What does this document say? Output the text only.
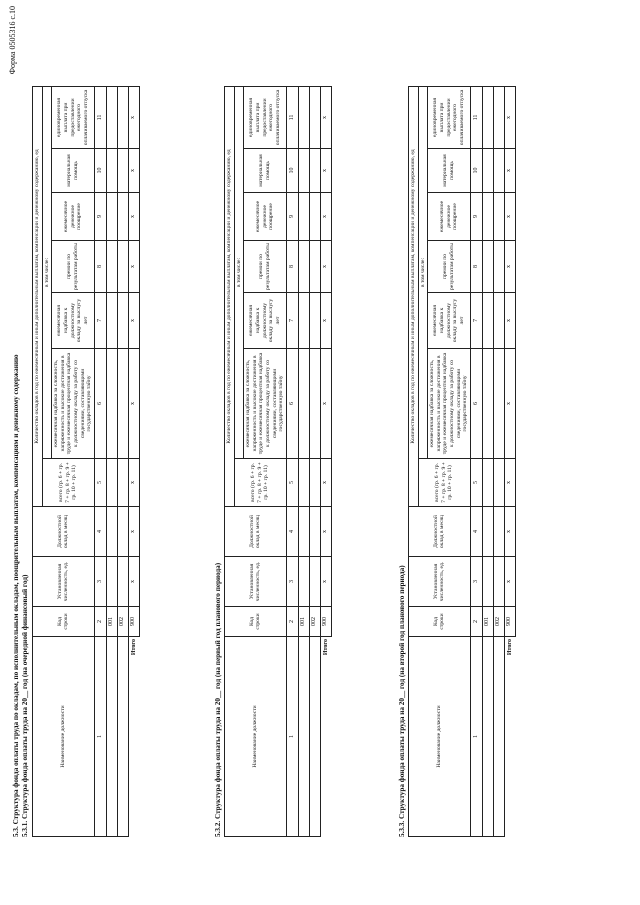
Форма 0505316 с.10
5.3. Структура фонда оплаты труда по окладам, по исполнительным окладам, поощрительным выплатам, компенсациям и денежному содержанию 5.3.1. Структура фонда оплаты труда на 20__ год (на очередной финансовый год)	Наименование должности	Код строки	Установленная численность, ед.	Должностной оклад в месяц	Количество окладов в год по ежемесячным и иным дополнительным выплатам, компенсации и денежному содержанию, ед						
				всего (гр. 6 + гр. 7 + гр. 8 + гр. 9 + гр. 10 + гр. 11)	в том числе:					
					ежемесячная надбавка за сложность, напряженность и высокие достижения в труде и ежемесячная процентная надбавка к должностному окладу за работу со сведениями, составляющими государственную тайну	ежемесячная надбавка к должностному окладу за выслугу лет	премии по результатам работы	ежемесячное денежное поощрение	материальная помощь	единовременная выплата при предоставлении ежегодного оплачиваемого отпуска
1	2	3	4	5	6	7	8	9	10	11
	001									
	002									
Итого	900	x	x	x	x	x	x	x	x	x
5.3.2. Структура фонда оплаты труда на 20__ год (на первый год планового периода)	Наименование должности	Код строки	Установленная численность, ед.	Должностной оклад в месяц	Количество окладов в год по ежемесячным и иным дополнительным выплатам, компенсации и денежному содержанию, ед						
				всего (гр. 6 + гр. 7 + гр. 8 + гр. 9 + гр. 10 + гр. 11)	в том числе:					
					ежемесячная надбавка за сложность, напряженность и высокие достижения в труде и ежемесячная процентная надбавка к должностному окладу за работу со сведениями, составляющими государственную тайну	ежемесячная надбавка к должностному окладу за выслугу лет	премии по результатам работы	ежемесячное денежное поощрение	материальная помощь	единовременная выплата при предоставлении ежегодного оплачиваемого отпуска
1	2	3	4	5	6	7	8	9	10	11
	001									
	002									
Итого	900	x	x	x	x	x	x	x	x	x
5.3.3. Структура фонда оплаты труда на 20__ год (на второй год планового периода)	Наименование должности	Код строки	Установленная численность, ед.	Должностной оклад в месяц	Количество окладов в год по ежемесячным и иным дополнительным выплатам, компенсации и денежному содержанию, ед						
				всего (гр. 6 + гр. 7 + гр. 8 + гр. 9 + гр. 10 + гр. 11)	в том числе:					
					ежемесячная надбавка за сложность, напряженность и высокие достижения в труде и ежемесячная процентная надбавка к должностному окладу за работу со сведениями, составляющими государственную тайну	ежемесячная надбавка к должностному окладу за выслугу лет	премии по результатам работы	ежемесячное денежное поощрение	материальная помощь	единовременная выплата при предоставлении ежегодного оплачиваемого отпуска
1	2	3	4	5	6	7	8	9	10	11
	001									
	002									
Итого	900	x	x	x	x	x	x	x	x	x
